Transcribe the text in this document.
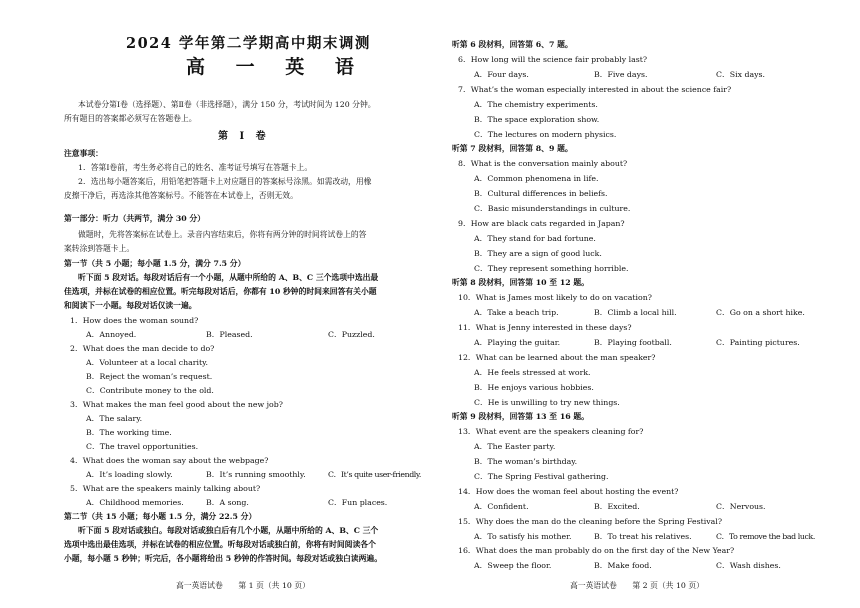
2024 学年第二学期高中期末调测
高 一 英 语
本试卷分第Ⅰ卷（选择题）、第Ⅱ卷（非选择题），满分 150 分，考试时间为 120 分钟。
所有题目的答案都必须写在答题卷上。
第 Ⅰ 卷
注意事项：
1．答第Ⅰ卷前，考生务必将自己的姓名、准考证号填写在答题卡上。
2．选出每小题答案后，用铅笔把答题卡上对应题目的答案标号涂黑。如需改动，用橡
皮擦干净后，再选涂其他答案标号。不能答在本试卷上，否则无效。
第一部分：听力（共两节，满分 30 分）
做题时，先将答案标在试卷上。录音内容结束后，你将有两分钟的时间将试卷上的答
案转涂到答题卡上。
第一节（共 5 小题；每小题 1.5 分，满分 7.5 分）
听下面 5 段对话。每段对话后有一个小题，从题中所给的 A、B、C 三个选项中选出最
佳选项，并标在试卷的相应位置。听完每段对话后，你都有 10 秒钟的时间来回答有关小题
和阅读下一小题。每段对话仅读一遍。
1．How does the woman sound?
A．Annoyed.	B．Pleased.	C．Puzzled.
2．What does the man decide to do?
A．Volunteer at a local charity.
B．Reject the woman’s request.
C．Contribute money to the old.
3．What makes the man feel good about the new job?
A．The salary.
B．The working time.
C．The travel opportunities.
4．What does the woman say about the webpage?
A．It’s loading slowly.	B．It’s running smoothly.	C．It’s quite user-friendly.
5．What are the speakers mainly talking about?
A．Childhood memories.	B．A song.	C．Fun places.
第二节（共 15 小题；每小题 1.5 分，满分 22.5 分）
听下面 5 段对话或独白。每段对话或独白后有几个小题，从题中所给的 A、B、C 三个
选项中选出最佳选项，并标在试卷的相应位置。听每段对话或独白前，你将有时间阅读各个
小题，每小题 5 秒钟；听完后，各小题将给出 5 秒钟的作答时间。每段对话或独白读两遍。
高一英语试卷　　第 1 页（共 10 页）
听第 6 段材料，回答第 6、7 题。
6．How long will the science fair probably last?
A．Four days.	B．Five days.	C．Six days.
7．What’s the woman especially interested in about the science fair?
A．The chemistry experiments.
B．The space exploration show.
C．The lectures on modern physics.
听第 7 段材料，回答第 8、9 题。
8．What is the conversation mainly about?
A．Common phenomena in life.
B．Cultural differences in beliefs.
C．Basic misunderstandings in culture.
9．How are black cats regarded in Japan?
A．They stand for bad fortune.
B．They are a sign of good luck.
C．They represent something horrible.
听第 8 段材料，回答第 10 至 12 题。
10．What is James most likely to do on vacation?
A．Take a beach trip.	B．Climb a local hill.	C．Go on a short hike.
11．What is Jenny interested in these days?
A．Playing the guitar.	B．Playing football.	C．Painting pictures.
12．What can be learned about the man speaker?
A．He feels stressed at work.
B．He enjoys various hobbies.
C．He is unwilling to try new things.
听第 9 段材料，回答第 13 至 16 题。
13．What event are the speakers cleaning for?
A．The Easter party.
B．The woman’s birthday.
C．The Spring Festival gathering.
14．How does the woman feel about hosting the event?
A．Confident.	B．Excited.	C．Nervous.
15．Why does the man do the cleaning before the Spring Festival?
A．To satisfy his mother.	B．To treat his relatives.	C．To remove the bad luck.
16．What does the man probably do on the first day of the New Year?
A．Sweep the floor.	B．Make food.	C．Wash dishes.
高一英语试卷　　第 2 页（共 10 页）
